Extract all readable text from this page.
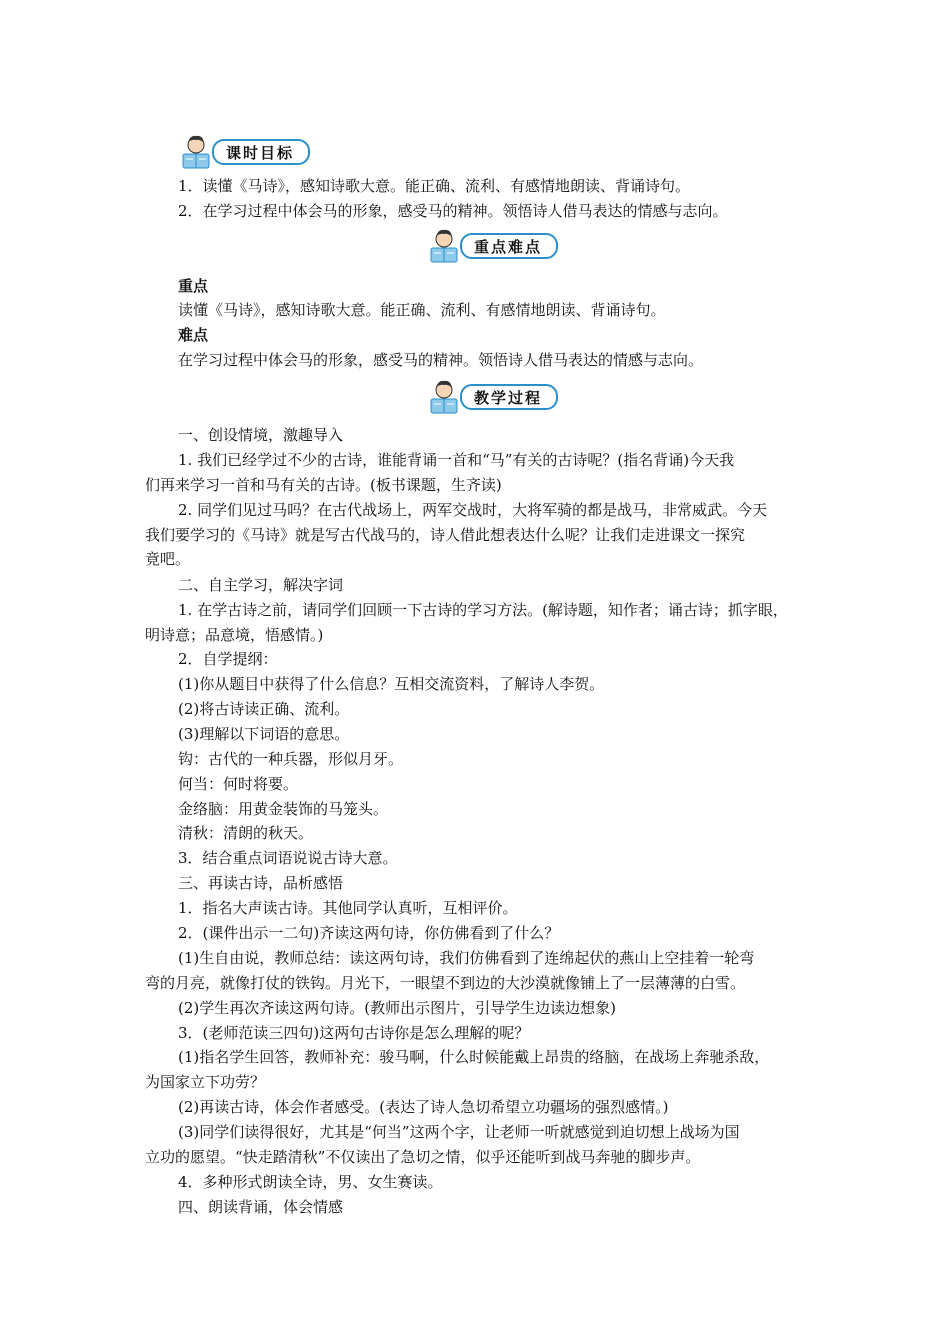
课时目标
1．读懂《马诗》，感知诗歌大意。能正确、流利、有感情地朗读、背诵诗句。
2．在学习过程中体会马的形象，感受马的精神。领悟诗人借马表达的情感与志向。
重点难点
重点
读懂《马诗》，感知诗歌大意。能正确、流利、有感情地朗读、背诵诗句。
难点
在学习过程中体会马的形象，感受马的精神。领悟诗人借马表达的情感与志向。
教学过程
一、创设情境，激趣导入
1. 我们已经学过不少的古诗，谁能背诵一首和“马”有关的古诗呢？(指名背诵)今天我
们再来学习一首和马有关的古诗。(板书课题，生齐读)
2. 同学们见过马吗？在古代战场上，两军交战时，大将军骑的都是战马，非常威武。今天
我们要学习的《马诗》就是写古代战马的，诗人借此想表达什么呢？让我们走进课文一探究
竟吧。
二、自主学习，解决字词
1. 在学古诗之前，请同学们回顾一下古诗的学习方法。(解诗题，知作者；诵古诗；抓字眼，
明诗意；品意境，悟感情。)
2．自学提纲：
(1)你从题目中获得了什么信息？互相交流资料，了解诗人李贺。
(2)将古诗读正确、流利。
(3)理解以下词语的意思。
钩：古代的一种兵器，形似月牙。
何当：何时将要。
金络脑：用黄金装饰的马笼头。
清秋：清朗的秋天。
3．结合重点词语说说古诗大意。
三、再读古诗，品析感悟
1．指名大声读古诗。其他同学认真听，互相评价。
2．(课件出示一二句)齐读这两句诗，你仿佛看到了什么？
(1)生自由说，教师总结：读这两句诗，我们仿佛看到了连绵起伏的燕山上空挂着一轮弯
弯的月亮，就像打仗的铁钩。月光下，一眼望不到边的大沙漠就像铺上了一层薄薄的白雪。
(2)学生再次齐读这两句诗。(教师出示图片，引导学生边读边想象)
3．(老师范读三四句)这两句古诗你是怎么理解的呢？
(1)指名学生回答，教师补充：骏马啊，什么时候能戴上昂贵的络脑，在战场上奔驰杀敌，
为国家立下功劳？
(2)再读古诗，体会作者感受。(表达了诗人急切希望立功疆场的强烈感情。)
(3)同学们读得很好，尤其是“何当”这两个字，让老师一听就感觉到迫切想上战场为国
立功的愿望。“快走踏清秋”不仅读出了急切之情，似乎还能听到战马奔驰的脚步声。
4．多种形式朗读全诗，男、女生赛读。
四、朗读背诵，体会情感
